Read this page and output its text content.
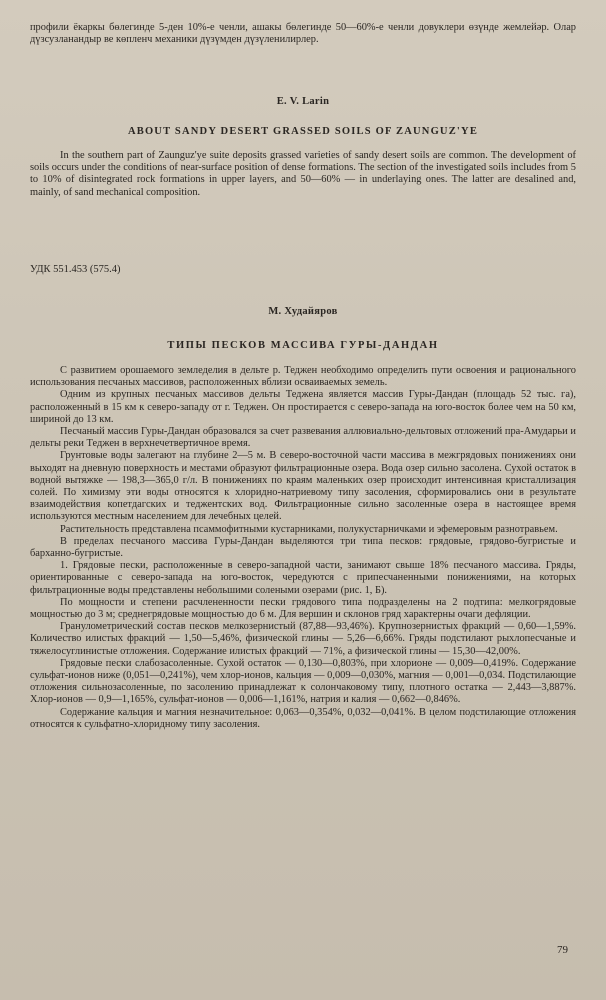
профили ёкаркы бөлегинде 5-ден 10%-е ченли, ашакы бөлегинде 50—60%-е ченли довуклери өзүнде жемлейәр. Олар дүзсузланандыр ве көпленч механики дүзүмден дүзүленилирлер.

E. V. Larin
ABOUT SANDY DESERT GRASSED SOILS OF ZAUNGUZ'YE

In the southern part of Zaunguz'ye suite deposits grassed varieties of sandy desert soils are common. The development of soils occurs under the conditions of near-surface position of dense formations. The section of the investigated soils includes from 5 to 10% of disintegrated rock formations in upper layers, and 50—60% — in underlaying ones. The latter are desalined and, mainly, of sand mechanical composition.

УДК 551.453 (575.4)
М. Худайяров
ТИПЫ ПЕСКОВ МАССИВА ГУРЫ-ДАНДАН

С развитием орошаемого земледелия в дельте р. Теджен необходимо определить пути освоения и рационального использования песчаных массивов, расположенных вблизи осваиваемых земель.

Одним из крупных песчаных массивов дельты Теджена является массив Гуры-Дандан (площадь 52 тыс. га), расположенный в 15 км к северо-западу от г. Теджен. Он простирается с северо-запада на юго-восток более чем на 50 км, шириной до 13 км.

Песчаный массив Гуры-Дандан образовался за счет развевания аллювиально-дельтовых отложений пра-Амударьи и дельты реки Теджен в верхнечетвертичное время.

Грунтовые воды залегают на глубине 2—5 м. В северо-восточной части массива в межгрядовых понижениях они выходят на дневную поверхность и местами образуют фильтрационные озера. Вода озер сильно засолена. Сухой остаток в водной вытяжке — 198,3—365,0 г/л. В понижениях по краям маленьких озер происходит интенсивная кристаллизация солей. По химизму эти воды относятся к хлоридно-натриевому типу засоления, сформировались они в результате взаимодействия копетдагских и теджентских вод. Фильтрационные сильно засоленные озера в настоящее время используются местным населением для лечебных целей.

Растительность представлена псаммофитными кустарниками, полукустарничками и эфемеровым разнотравьем.

В пределах песчаного массива Гуры-Дандан выделяются три типа песков: грядовые, грядово-бугристые и барханно-бугристые.

1. Грядовые пески, расположенные в северо-западной части, занимают свыше 18% песчаного массива. Гряды, ориентированные с северо-запада на юго-восток, чередуются с припесчаненными понижениями, на которых фильтрационные воды представлены небольшими солеными озерами (рис. 1, Б).

По мощности и степени расчлененности пески грядового типа подразделены на 2 подтипа: мелкогрядовые мощностью до 3 м; среднегрядовые мощностью до 6 м. Для вершин и склонов гряд характерны очаги дефляции.

Гранулометрический состав песков мелкозернистый (87,88—93,46%). Крупнозернистых фракций — 0,60—1,59%. Количество илистых фракций — 1,50—5,46%, физической глины — 5,26—6,66%. Гряды подстилают рыхлопесчаные и тяжелосуглинистые отложения. Содержание илистых фракций — 71%, а физической глины — 15,30—42,00%.

Грядовые пески слабозасоленные. Сухой остаток — 0,130—0,803%, при хлорионе — 0,009—0,419%. Содержание сульфат-ионов ниже (0,051—0,241%), чем хлор-ионов, кальция — 0,009—0,030%, магния — 0,001—0,034. Подстилающие отложения сильнозасоленные, по засолению принадлежат к солончаковому типу, плотного остатка — 2,443—3,887%. Хлор-ионов — 0,9—1,165%, сульфат-ионов — 0,006—1,161%, натрия и калия — 0,662—0,846%.

Содержание кальция и магния незначительное: 0,063—0,354%, 0,032—0,041%. В целом подстилающие отложения относятся к сульфатно-хлоридному типу засоления.

79
